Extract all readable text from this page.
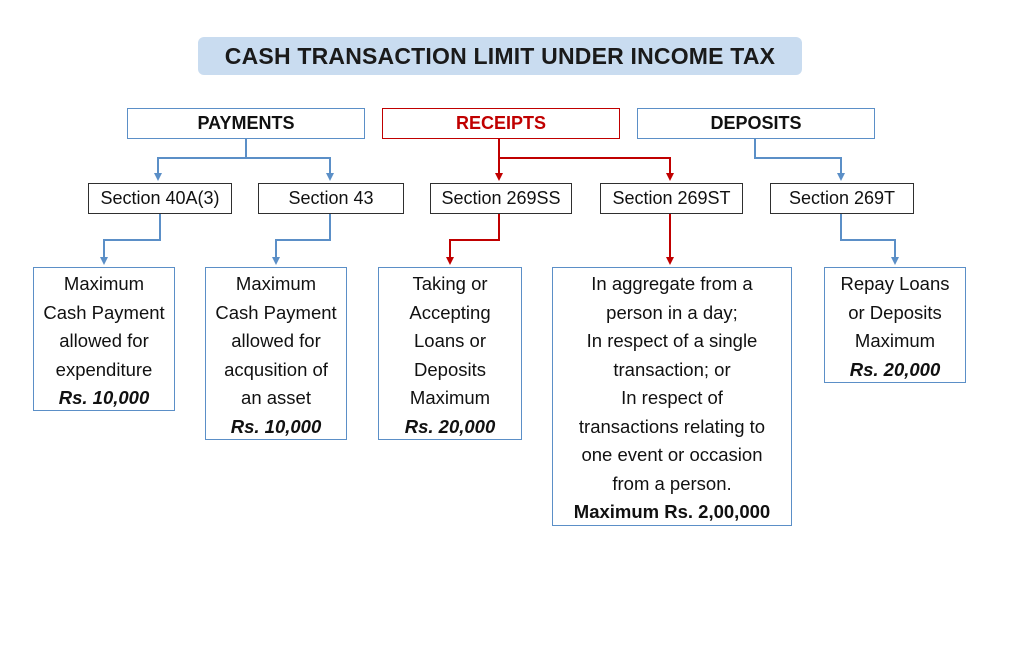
CASH TRANSACTION LIMIT UNDER INCOME TAX
PAYMENTS	RECEIPTS	DEPOSITS
Section 40A(3)	Section 43	Section 269SS	Section 269ST	Section 269T
Maximum
Cash Payment
allowed for
expenditure
Rs. 10,000
Maximum
Cash Payment
allowed for
acqusition of
an asset
Rs. 10,000
Taking or
Accepting
Loans or
Deposits
Maximum
Rs. 20,000
In aggregate from a
person in a day;
In respect of a single
transaction; or
In respect of
transactions relating to
one event or occasion
from a person.
Maximum Rs. 2,00,000
Repay Loans
or Deposits
Maximum
Rs. 20,000
